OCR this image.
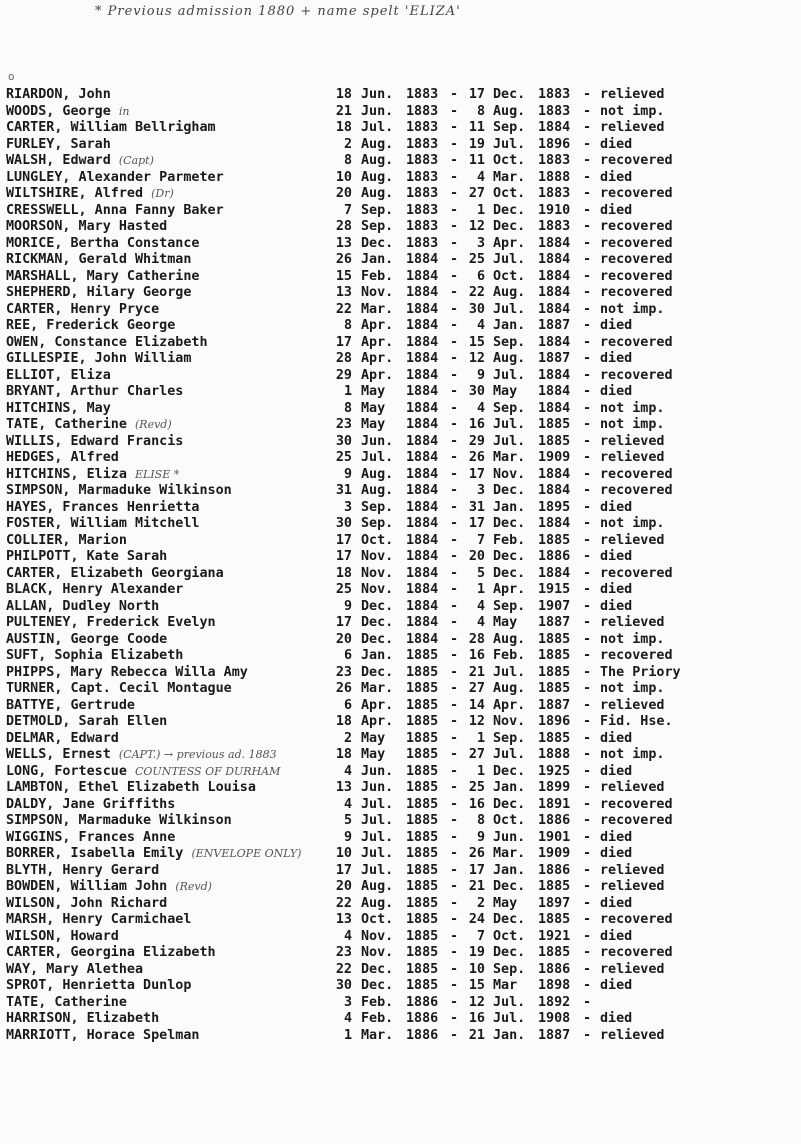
* Previous admission 1880 + name spelt 'ELIZA'
o
RIARDON, John	18 Jun. 1883 - 17 Dec. 1883 - relieved
WOODS, George in	21 Jun. 1883 -	8 Aug. 1883 - not imp.
CARTER, William Bellrigham	18 Jul. 1883 - 11 Sep. 1884 - relieved
FURLEY, Sarah	2 Aug. 1883 - 19 Jul. 1896 - died
WALSH, Edward (Capt)	8 Aug. 1883 - 11 Oct. 1883 - recovered
LUNGLEY, Alexander Parmeter	10 Aug. 1883 -	4 Mar. 1888 - died
WILTSHIRE, Alfred (Dr)	20 Aug. 1883 - 27 Oct. 1883 - recovered
CRESSWELL, Anna Fanny Baker	7 Sep. 1883 -	1 Dec. 1910 - died
MOORSON, Mary Hasted	28 Sep. 1883 - 12 Dec. 1883 - recovered
MORICE, Bertha Constance	13 Dec. 1883 -	3 Apr. 1884 - recovered
RICKMAN, Gerald Whitman	26 Jan. 1884 - 25 Jul. 1884 - recovered
MARSHALL, Mary Catherine	15 Feb. 1884 -	6 Oct. 1884 - recovered
SHEPHERD, Hilary George	13 Nov. 1884 - 22 Aug. 1884 - recovered
CARTER, Henry Pryce	22 Mar. 1884 - 30 Jul. 1884 - not imp.
REE, Frederick George	8 Apr. 1884 -	4 Jan. 1887 - died
OWEN, Constance Elizabeth	17 Apr. 1884 - 15 Sep. 1884 - recovered
GILLESPIE, John William	28 Apr. 1884 - 12 Aug. 1887 - died
ELLIOT, Eliza	29 Apr. 1884 -	9 Jul. 1884 - recovered
BRYANT, Arthur Charles	1 May 1884 - 30 May 1884 - died
HITCHINS, May	8 May 1884 -	4 Sep. 1884 - not imp.
TATE, Catherine (Revd)	23 May 1884 - 16 Jul. 1885 - not imp.
WILLIS, Edward Francis	30 Jun. 1884 - 29 Jul. 1885 - relieved
HEDGES, Alfred	25 Jul. 1884 - 26 Mar. 1909 - relieved
HITCHINS, Eliza ELISE *	9 Aug. 1884 - 17 Nov. 1884 - recovered
SIMPSON, Marmaduke Wilkinson	31 Aug. 1884 -	3 Dec. 1884 - recovered
HAYES, Frances Henrietta	3 Sep. 1884 - 31 Jan. 1895 - died
FOSTER, William Mitchell	30 Sep. 1884 - 17 Dec. 1884 - not imp.
COLLIER, Marion	17 Oct. 1884 -	7 Feb. 1885 - relieved
PHILPOTT, Kate Sarah	17 Nov. 1884 - 20 Dec. 1886 - died
CARTER, Elizabeth Georgiana	18 Nov. 1884 -	5 Dec. 1884 - recovered
BLACK, Henry Alexander	25 Nov. 1884 -	1 Apr. 1915 - died
ALLAN, Dudley North	9 Dec. 1884 -	4 Sep. 1907 - died
PULTENEY, Frederick Evelyn	17 Dec. 1884 -	4 May 1887 - relieved
AUSTIN, George Coode	20 Dec. 1884 - 28 Aug. 1885 - not imp.
SUFT, Sophia Elizabeth	6 Jan. 1885 - 16 Feb. 1885 - recovered
PHIPPS, Mary Rebecca Willa Amy	23 Dec. 1885 - 21 Jul. 1885 - The Priory
TURNER, Capt. Cecil Montague	26 Mar. 1885 - 27 Aug. 1885 - not imp.
BATTYE, Gertrude	6 Apr. 1885 - 14 Apr. 1887 - relieved
DETMOLD, Sarah Ellen	18 Apr. 1885 - 12 Nov. 1896 - Fid. Hse.
DELMAR, Edward	2 May 1885 -	1 Sep. 1885 - died
WELLS, Ernest (CAPT.) → previous ad. 1883	18 May 1885 - 27 Jul. 1888 - not imp.
LONG, Fortescue COUNTESS OF DURHAM	4 Jun. 1885 -	1 Dec. 1925 - died
LAMBTON, Ethel Elizabeth Louisa	13 Jun. 1885 - 25 Jan. 1899 - relieved
DALDY, Jane Griffiths	4 Jul. 1885 - 16 Dec. 1891 - recovered
SIMPSON, Marmaduke Wilkinson	5 Jul. 1885 -	8 Oct. 1886 - recovered
WIGGINS, Frances Anne	9 Jul. 1885 -	9 Jun. 1901 - died
BORRER, Isabella Emily (ENVELOPE ONLY)	10 Jul. 1885 - 26 Mar. 1909 - died
BLYTH, Henry Gerard	17 Jul. 1885 - 17 Jan. 1886 - relieved
BOWDEN, William John (Revd)	20 Aug. 1885 - 21 Dec. 1885 - relieved
WILSON, John Richard	22 Aug. 1885 -	2 May 1897 - died
MARSH, Henry Carmichael	13 Oct. 1885 - 24 Dec. 1885 - recovered
WILSON, Howard	4 Nov. 1885 -	7 Oct. 1921 - died
CARTER, Georgina Elizabeth	23 Nov. 1885 - 19 Dec. 1885 - recovered
WAY, Mary Alethea	22 Dec. 1885 - 10 Sep. 1886 - relieved
SPROT, Henrietta Dunlop	30 Dec. 1885 - 15 Mar 1898 - died
TATE, Catherine	3 Feb. 1886 - 12 Jul. 1892 -
HARRISON, Elizabeth	4 Feb. 1886 - 16 Jul. 1908 - died
MARRIOTT, Horace Spelman	1 Mar. 1886 - 21 Jan. 1887 - relieved
